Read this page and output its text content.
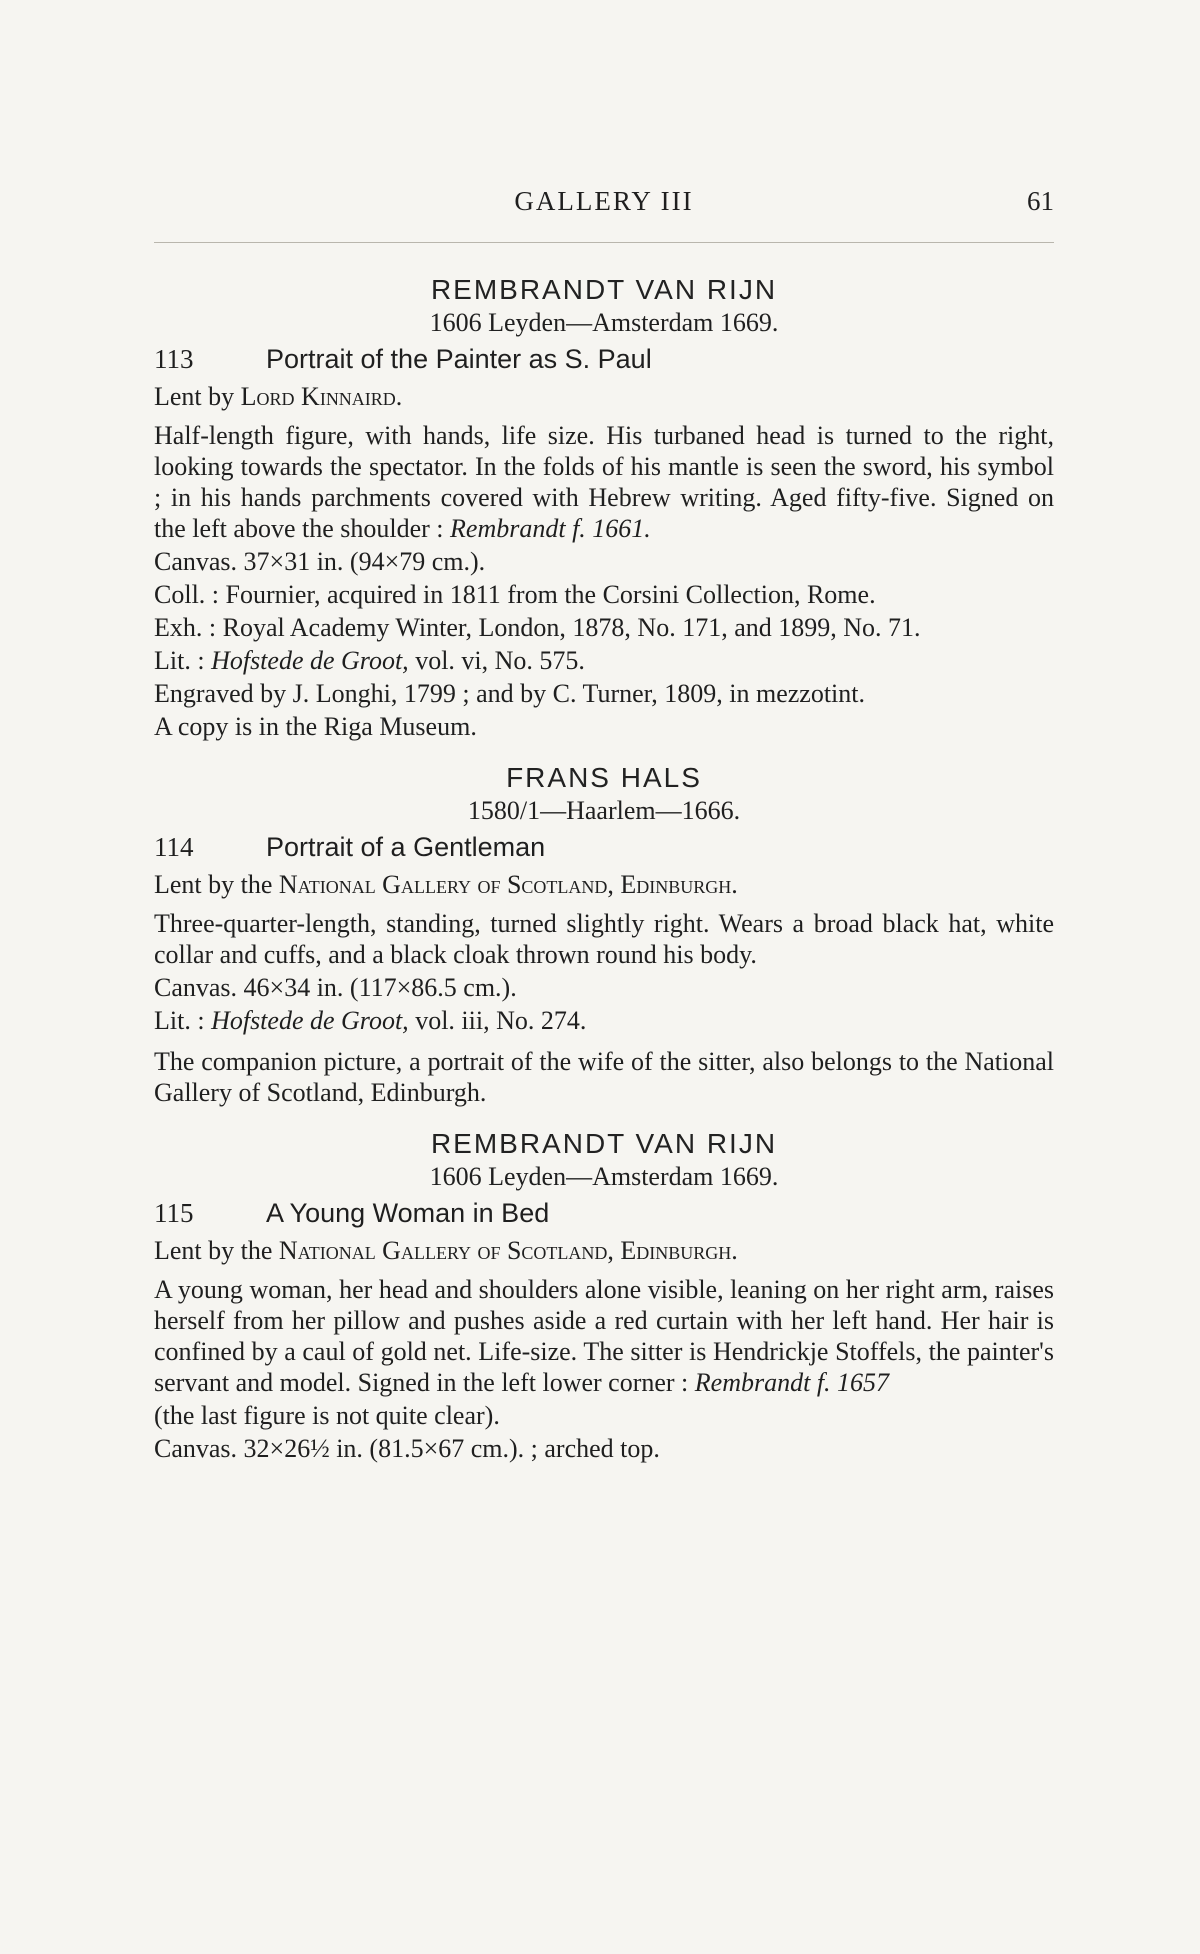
GALLERY III	61
REMBRANDT VAN RIJN
1606 Leyden—Amsterdam 1669.
113	Portrait of the Painter as S. Paul

Lent by Lord Kinnaird.

Half-length figure, with hands, life size. His turbaned head is turned to the right, looking towards the spectator. In the folds of his mantle is seen the sword, his symbol ; in his hands parchments covered with Hebrew writing. Aged fifty-five. Signed on the left above the shoulder : Rembrandt f. 1661.

Canvas. 37×31 in. (94×79 cm.).

Coll. : Fournier, acquired in 1811 from the Corsini Collection, Rome.

Exh. : Royal Academy Winter, London, 1878, No. 171, and 1899, No. 71.

Lit. : Hofstede de Groot, vol. vi, No. 575.

Engraved by J. Longhi, 1799 ; and by C. Turner, 1809, in mezzotint.

A copy is in the Riga Museum.

FRANS HALS
1580/1—Haarlem—1666.
114	Portrait of a Gentleman

Lent by the National Gallery of Scotland, Edinburgh.

Three-quarter-length, standing, turned slightly right. Wears a broad black hat, white collar and cuffs, and a black cloak thrown round his body.

Canvas. 46×34 in. (117×86.5 cm.).

Lit. : Hofstede de Groot, vol. iii, No. 274.

The companion picture, a portrait of the wife of the sitter, also belongs to the National Gallery of Scotland, Edinburgh.

REMBRANDT VAN RIJN
1606 Leyden—Amsterdam 1669.
115	A Young Woman in Bed

Lent by the National Gallery of Scotland, Edinburgh.

A young woman, her head and shoulders alone visible, leaning on her right arm, raises herself from her pillow and pushes aside a red curtain with her left hand. Her hair is confined by a caul of gold net. Life-size. The sitter is Hendrickje Stoffels, the painter's servant and model. Signed in the left lower corner : Rembrandt f. 1657

(the last figure is not quite clear).

Canvas. 32×26½ in. (81.5×67 cm.). ; arched top.
